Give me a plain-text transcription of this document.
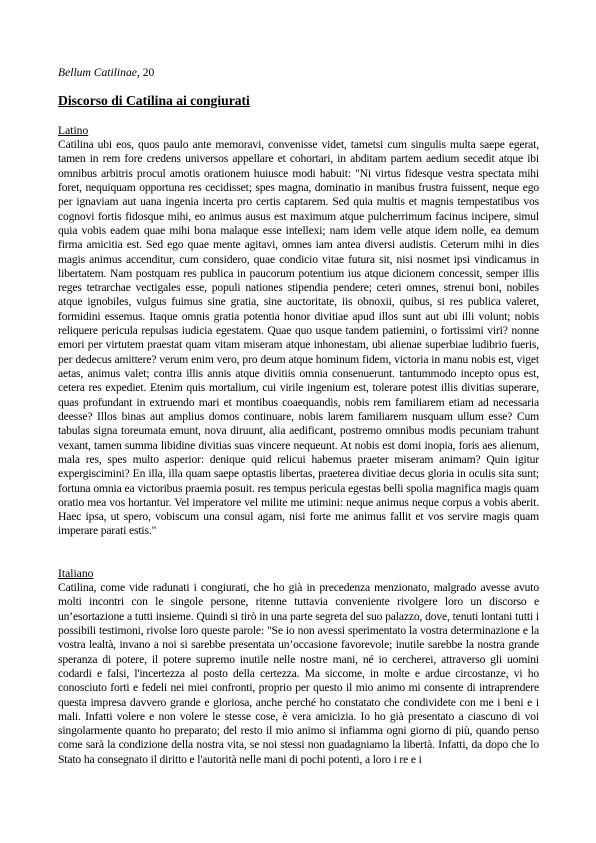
Bellum Catilinae, 20
Discorso di Catilina ai congiurati
Latino

Catilina ubi eos, quos paulo ante memoravi, convenisse videt, tametsi cum singulis multa saepe egerat, tamen in rem fore credens universos appellare et cohortari, in abditam partem aedium secedit atque ibi omnibus arbitris procul amotis orationem huiusce modi habuit: "Ni virtus fidesque vestra spectata mihi foret, nequiquam opportuna res cecidisset; spes magna, dominatio in manibus frustra fuissent, neque ego per ignaviam aut uana ingenia incerta pro certis captarem. Sed quia multis et magnis tempestatibus vos cognovi fortis fidosque mihi, eo animus ausus est maximum atque pulcherrimum facinus incipere, simul quia vobis eadem quae mihi bona malaque esse intellexi; nam idem velle atque idem nolle, ea demum firma amicitia est. Sed ego quae mente agitavi, omnes iam antea diversi audistis. Ceterum mihi in dies magis animus accenditur, cum considero, quae condicio vitae futura sit, nisi nosmet ipsi vindicamus in libertatem. Nam postquam res publica in paucorum potentium ius atque dicionem concessit, semper illis reges tetrarchae vectigales esse, populi nationes stipendia pendere; ceteri omnes, strenui boni, nobiles atque ignobiles, vulgus fuimus sine gratia, sine auctoritate, iis obnoxii, quibus, si res publica valeret, formidini essemus. Itaque omnis gratia potentia honor divitiae apud illos sunt aut ubi illi volunt; nobis reliquere pericula repulsas iudicia egestatem. Quae quo usque tandem patiemini, o fortissimi viri? nonne emori per virtutem praestat quam vitam miseram atque inhonestam, ubi alienae superbiae ludibrio fueris, per dedecus amittere? verum enim vero, pro deum atque hominum fidem, victoria in manu nobis est, viget aetas, animus valet; contra illis annis atque divitiis omnia consenuerunt. tantummodo incepto opus est, cetera res expediet. Etenim quis mortalium, cui virile ingenium est, tolerare potest illis divitias superare, quas profundant in extruendo mari et montibus coaequandis, nobis rem familiarem etiam ad necessaria deesse? Illos binas aut amplius domos continuare, nobis larem familiarem nusquam ullum esse? Cum tabulas signa toreumata emunt, nova diruunt, alia aedificant, postremo omnibus modis pecuniam trahunt vexant, tamen summa libidine divitias suas vincere nequeunt. At nobis est domi inopia, foris aes alienum, mala res, spes multo asperior: denique quid relicui habemus praeter miseram animam? Quin igitur expergiscimini? En illa, illa quam saepe optastis libertas, praeterea divitiae decus gloria in oculis sita sunt; fortuna omnia ea victoribus praemia posuit. res tempus pericula egestas belli spolia magnifica magis quam oratio mea vos hortantur. Vel imperatore vel milite me utimini: neque animus neque corpus a vobis aberit. Haec ipsa, ut spero, vobiscum una consul agam, nisi forte me animus fallit et vos servire magis quam imperare parati estis."

Italiano

Catilina, come vide radunati i congiurati, che ho già in precedenza menzionato, malgrado avesse avuto molti incontri con le singole persone, ritenne tuttavia conveniente rivolgere loro un discorso e un’esortazione a tutti insieme. Quindi si tirò in una parte segreta del suo palazzo, dove, tenuti lontani tutti i possibili testimoni, rivolse loro queste parole: "Se io non avessi sperimentato la vostra determinazione e la vostra lealtà, invano a noi si sarebbe presentata un’occasione favorevole; inutile sarebbe la nostra grande speranza di potere, il potere supremo inutile nelle nostre mani, né io cercherei, attraverso gli uomini codardi e falsi, l'incertezza al posto della certezza. Ma siccome, in molte e ardue circostanze, vi ho conosciuto forti e fedeli nei miei confronti, proprio per questo il mio animo mi consente di intraprendere questa impresa davvero grande e gloriosa, anche perché ho constatato che condividete con me i beni e i mali. Infatti volere e non volere le stesse cose, è vera amicizia. Io ho già presentato a ciascuno di voi singolarmente quanto ho preparato; del resto il mio animo si infiamma ogni giorno di più, quando penso come sarà la condizione della nostra vita, se noi stessi non guadagniamo la libertà. Infatti, da dopo che lo Stato ha consegnato il diritto e l'autorità nelle mani di pochi potenti, a loro i re e i
